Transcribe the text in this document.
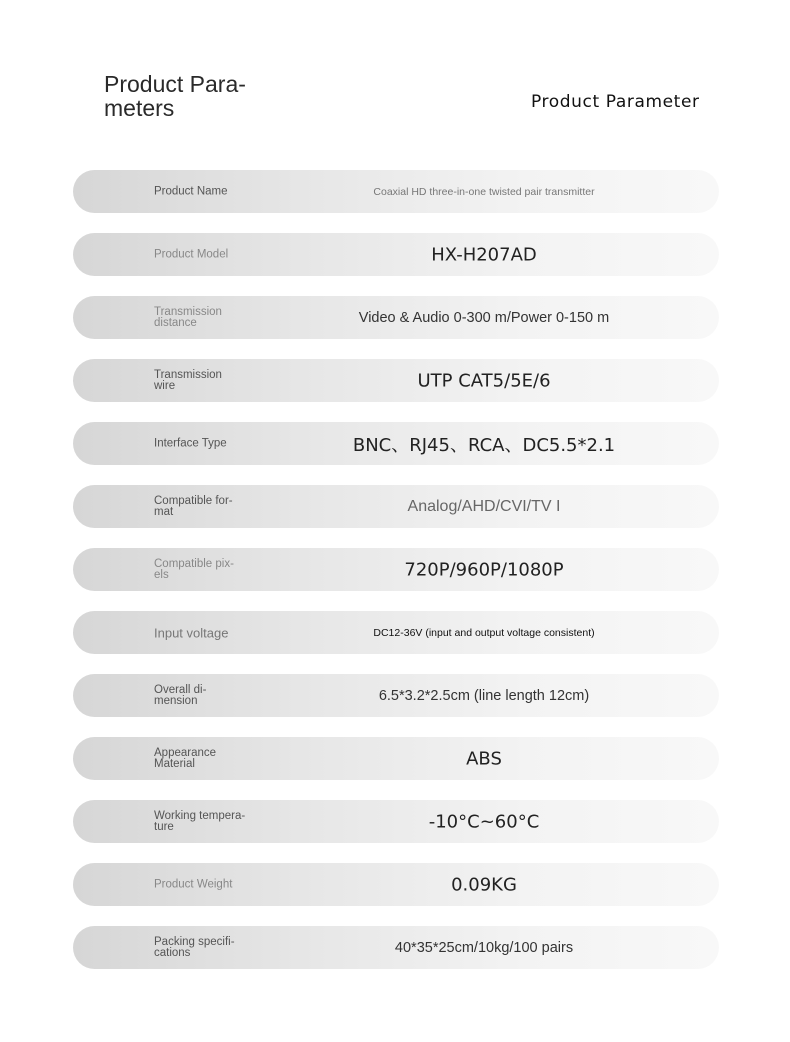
Product Para-
meters	Product Parameter
Product Name	Coaxial HD three-in-one twisted pair transmitter
Product Model	HX-H207AD
Transmission
distance	Video & Audio 0-300 m/Power 0-150 m
Transmission
wire	UTP CAT5/5E/6
Interface Type	BNC、RJ45、RCA、DC5.5*2.1
Compatible for-
mat	Analog/AHD/CVI/TV I
Compatible pix-
els	720P/960P/1080P
Input voltage	DC12-36V (input and output voltage consistent)
Overall di-
mension	6.5*3.2*2.5cm (line length 12cm)
Appearance
Material	ABS
Working tempera-
ture	-10°C~60°C
Product Weight	0.09KG
Packing specifi-
cations	40*35*25cm/10kg/100 pairs
